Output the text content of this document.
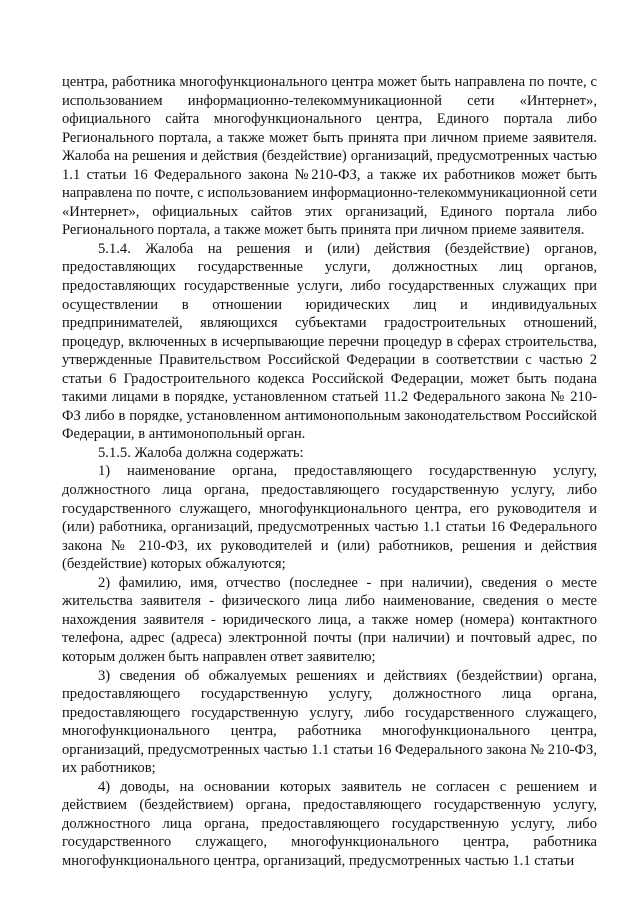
центра, работника многофункционального центра может быть направлена по почте, с использованием информационно-телекоммуникационной сети «Интернет», официального сайта многофункционального центра, Единого портала либо Регионального портала, а также может быть принята при личном приеме заявителя. Жалоба на решения и действия (бездействие) организаций, предусмотренных частью 1.1 статьи 16 Федерального закона №210-ФЗ, а также их работников может быть направлена по почте, с использованием информационно-телекоммуникационной сети «Интернет», официальных сайтов этих организаций, Единого портала либо Регионального портала, а также может быть принята при личном приеме заявителя.

5.1.4. Жалоба на решения и (или) действия (бездействие) органов, предоставляющих государственные услуги, должностных лиц органов, предоставляющих государственные услуги, либо государственных служащих при осуществлении в отношении юридических лиц и индивидуальных предпринимателей, являющихся субъектами градостроительных отношений, процедур, включенных в исчерпывающие перечни процедур в сферах строительства, утвержденные Правительством Российской Федерации в соответствии с частью 2 статьи 6 Градостроительного кодекса Российской Федерации, может быть подана такими лицами в порядке, установленном статьей 11.2 Федерального закона № 210-ФЗ либо в порядке, установленном антимонопольным законодательством Российской Федерации, в антимонопольный орган.

5.1.5. Жалоба должна содержать:

1) наименование органа, предоставляющего государственную услугу, должностного лица органа, предоставляющего государственную услугу, либо государственного служащего, многофункционального центра, его руководителя и (или) работника, организаций, предусмотренных частью 1.1 статьи 16 Федерального закона № 210-ФЗ, их руководителей и (или) работников, решения и действия (бездействие) которых обжалуются;

2) фамилию, имя, отчество (последнее - при наличии), сведения о месте жительства заявителя - физического лица либо наименование, сведения о месте нахождения заявителя - юридического лица, а также номер (номера) контактного телефона, адрес (адреса) электронной почты (при наличии) и почтовый адрес, по которым должен быть направлен ответ заявителю;

3) сведения об обжалуемых решениях и действиях (бездействии) органа, предоставляющего государственную услугу, должностного лица органа, предоставляющего государственную услугу, либо государственного служащего, многофункционального центра, работника многофункционального центра, организаций, предусмотренных частью 1.1 статьи 16 Федерального закона № 210-ФЗ, их работников;

4) доводы, на основании которых заявитель не согласен с решением и действием (бездействием) органа, предоставляющего государственную услугу, должностного лица органа, предоставляющего государственную услугу, либо государственного служащего, многофункционального центра, работника многофункционального центра, организаций, предусмотренных частью 1.1 статьи
